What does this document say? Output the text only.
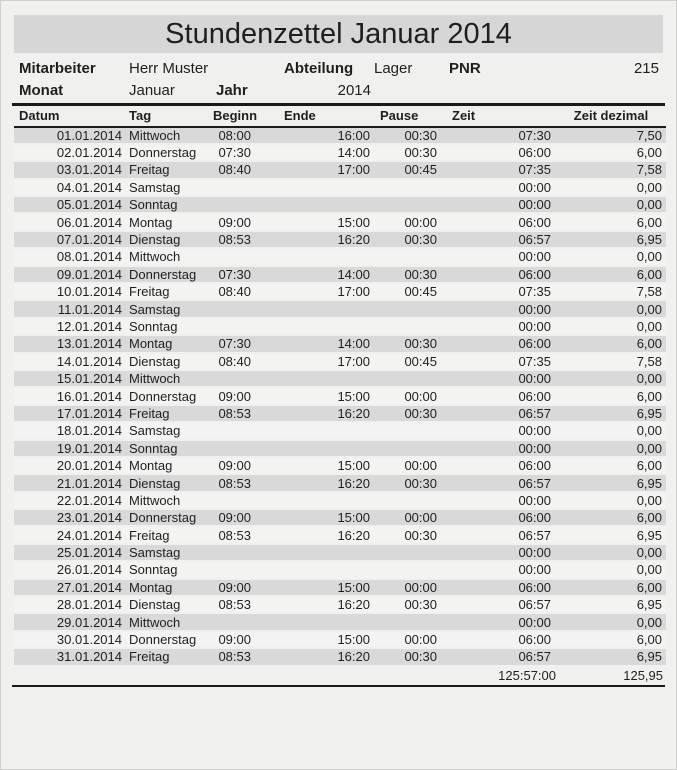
Stundenzettel Januar 2014
Mitarbeiter	Herr Muster	Abteilung	Lager	PNR	215
Monat	Januar	Jahr	2014
Datum	Tag	Beginn	Ende	Pause	Zeit	Zeit dezimal
01.01.2014	Mittwoch	08:00	16:00	00:30	07:30	7,50
02.01.2014	Donnerstag	07:30	14:00	00:30	06:00	6,00
03.01.2014	Freitag	08:40	17:00	00:45	07:35	7,58
04.01.2014	Samstag				00:00	0,00
05.01.2014	Sonntag				00:00	0,00
06.01.2014	Montag	09:00	15:00	00:00	06:00	6,00
07.01.2014	Dienstag	08:53	16:20	00:30	06:57	6,95
08.01.2014	Mittwoch				00:00	0,00
09.01.2014	Donnerstag	07:30	14:00	00:30	06:00	6,00
10.01.2014	Freitag	08:40	17:00	00:45	07:35	7,58
11.01.2014	Samstag				00:00	0,00
12.01.2014	Sonntag				00:00	0,00
13.01.2014	Montag	07:30	14:00	00:30	06:00	6,00
14.01.2014	Dienstag	08:40	17:00	00:45	07:35	7,58
15.01.2014	Mittwoch				00:00	0,00
16.01.2014	Donnerstag	09:00	15:00	00:00	06:00	6,00
17.01.2014	Freitag	08:53	16:20	00:30	06:57	6,95
18.01.2014	Samstag				00:00	0,00
19.01.2014	Sonntag				00:00	0,00
20.01.2014	Montag	09:00	15:00	00:00	06:00	6,00
21.01.2014	Dienstag	08:53	16:20	00:30	06:57	6,95
22.01.2014	Mittwoch				00:00	0,00
23.01.2014	Donnerstag	09:00	15:00	00:00	06:00	6,00
24.01.2014	Freitag	08:53	16:20	00:30	06:57	6,95
25.01.2014	Samstag				00:00	0,00
26.01.2014	Sonntag				00:00	0,00
27.01.2014	Montag	09:00	15:00	00:00	06:00	6,00
28.01.2014	Dienstag	08:53	16:20	00:30	06:57	6,95
29.01.2014	Mittwoch				00:00	0,00
30.01.2014	Donnerstag	09:00	15:00	00:00	06:00	6,00
31.01.2014	Freitag	08:53	16:20	00:30	06:57	6,95
					125:57:00	125,95
